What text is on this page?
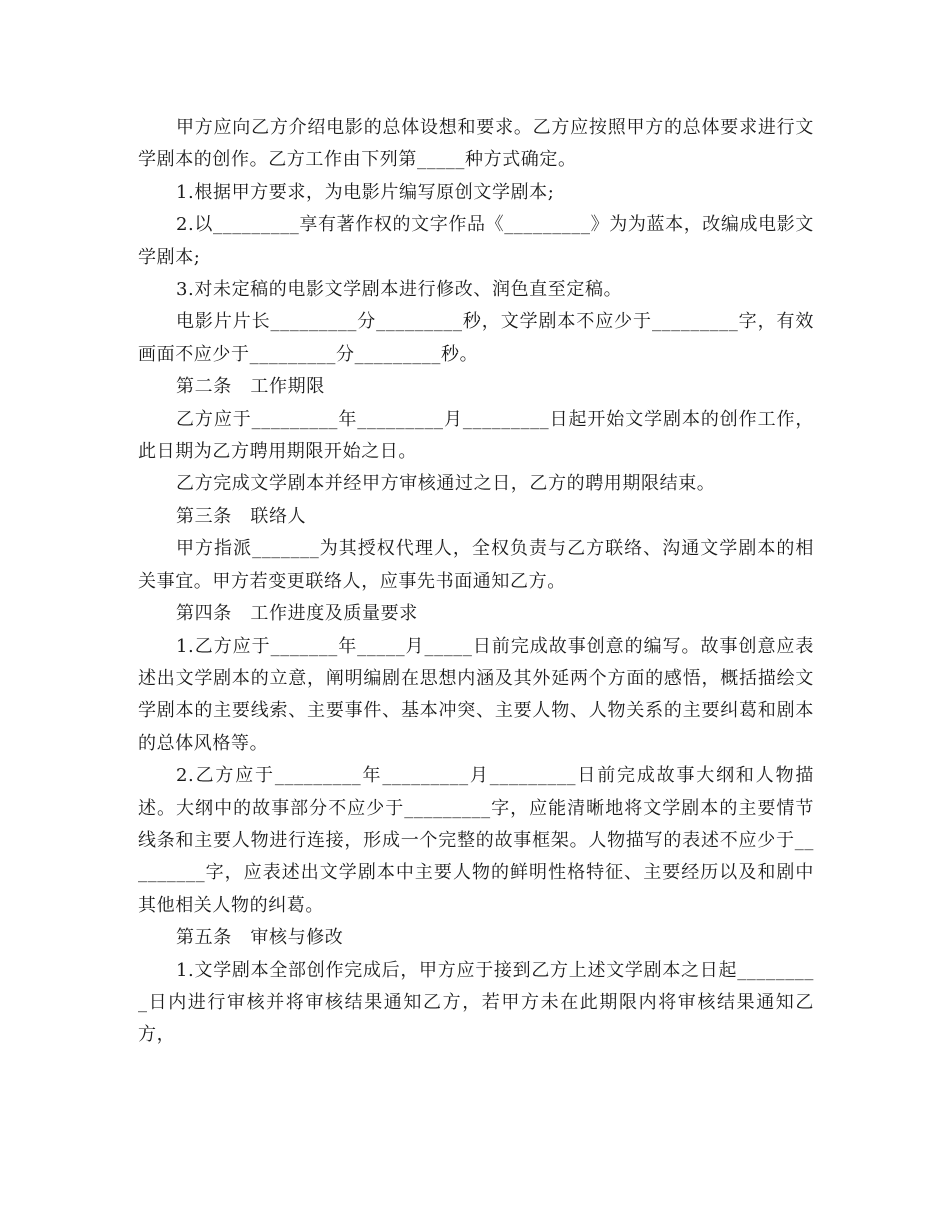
甲方应向乙方介绍电影的总体设想和要求。乙方应按照甲方的总体要求进行文学剧本的创作。乙方工作由下列第_____种方式确定。

1.根据甲方要求，为电影片编写原创文学剧本;

2.以_________享有著作权的文字作品《_________》为为蓝本，改编成电影文学剧本;

3.对未定稿的电影文学剧本进行修改、润色直至定稿。

电影片片长_________分_________秒，文学剧本不应少于_________字，有效画面不应少于_________分_________秒。

第二条　工作期限

乙方应于_________年_________月_________日起开始文学剧本的创作工作，此日期为乙方聘用期限开始之日。

乙方完成文学剧本并经甲方审核通过之日，乙方的聘用期限结束。

第三条　联络人

甲方指派_______为其授权代理人，全权负责与乙方联络、沟通文学剧本的相关事宜。甲方若变更联络人，应事先书面通知乙方。

第四条　工作进度及质量要求

1.乙方应于_______年_____月_____日前完成故事创意的编写。故事创意应表述出文学剧本的立意，阐明编剧在思想内涵及其外延两个方面的感悟，概括描绘文学剧本的主要线索、主要事件、基本冲突、主要人物、人物关系的主要纠葛和剧本的总体风格等。

2.乙方应于_________年_________月_________日前完成故事大纲和人物描述。大纲中的故事部分不应少于_________字，应能清晰地将文学剧本的主要情节线条和主要人物进行连接，形成一个完整的故事框架。人物描写的表述不应少于_________字，应表述出文学剧本中主要人物的鲜明性格特征、主要经历以及和剧中其他相关人物的纠葛。

第五条　审核与修改

1.文学剧本全部创作完成后，甲方应于接到乙方上述文学剧本之日起_________日内进行审核并将审核结果通知乙方，若甲方未在此期限内将审核结果通知乙方，
